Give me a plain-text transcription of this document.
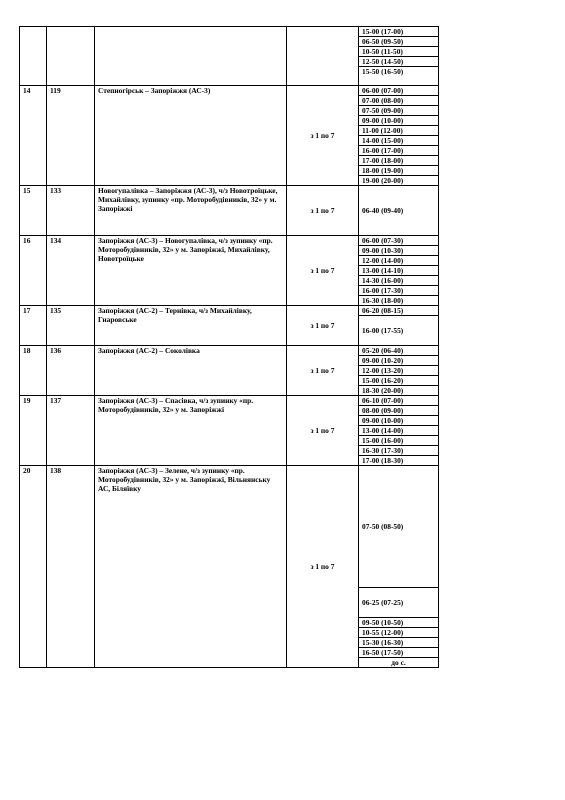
				15-00 (17-00)
				06-50 (09-50)
				10-50 (11-50)
				12-50 (14-50)
				15-50 (16-50)
14	119	Степногірськ – Запоріжжя (АС-3)	з 1 по 7	06-00 (07-00)
				07-00 (08-00)
				07-50 (09-00)
				09-00 (10-00)
				11-00 (12-00)
				14-00 (15-00)
				16-00 (17-00)
				17-00 (18-00)
				18-00 (19-00)
				19-00 (20-00)
15	133	Новогупалівка – Запоріжжя (АС-3), ч/з Новотроїцьке, Михайлівку, зупинку «пр. Моторобудівників, 32» у м. Запоріжжі	з 1 по 7	06-40 (09-40)
16	134	Запоріжжя (АС-3) – Новогупалівка, ч/з зупинку «пр. Моторобудівників, 32» у м. Запоріжжі, Михайлівку, Новотроїцьке	з 1 по 7	06-00 (07-30)
				09-00 (10-30)
				12-00 (14-00)
				13-00 (14-10)
				14-30 (16-00)
				16-00 (17-30)
				16-30 (18-00)
17	135	Запоріжжя (АС-2) – Тернівка, ч/з Михайлівку, Гнаровське	з 1 по 7	06-20 (08-15)
				16-00 (17-55)
18	136	Запоріжжя (АС-2) – Соколівка	з 1 по 7	05-20 (06-40)
				09-00 (10-20)
				12-00 (13-20)
				15-00 (16-20)
				18-30 (20-00)
19	137	Запоріжжя (АС-3) – Спасівка, ч/з зупинку «пр. Моторобудівників, 32» у м. Запоріжжі	з 1 по 7	06-10 (07-00)
				08-00 (09-00)
				09-00 (10-00)
				13-00 (14-00)
				15-00 (16-00)
				16-30 (17-30)
				17-00 (18-30)
20	138	Запоріжжя (АС-3) – Зелене, ч/з зупинку «пр. Моторобудівників, 32» у м. Запоріжжі, Вільнянську АС, Біляївку	з 1 по 7	07-50 (08-50)
				06-25 (07-25)
				09-50 (10-50)
				10-55 (12-00)
				15-30 (16-30)
				16-50 (17-50)
				до с.
